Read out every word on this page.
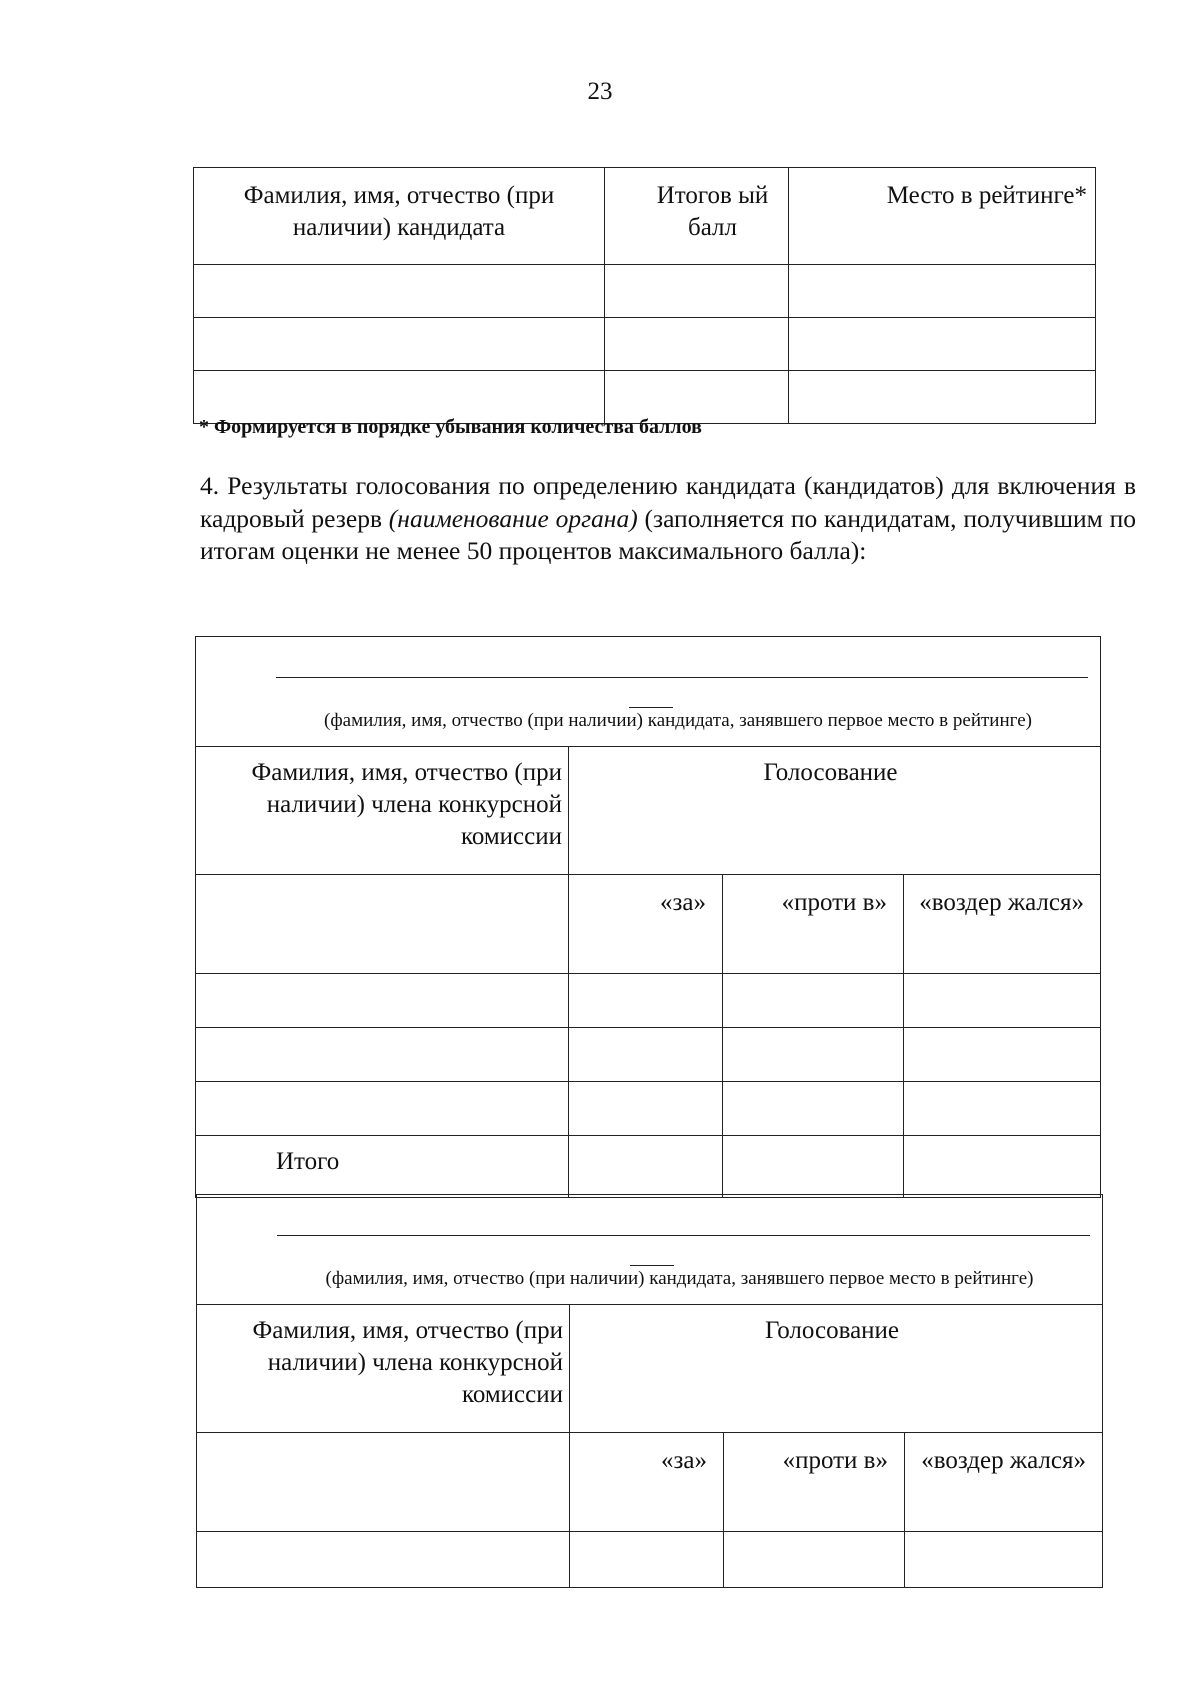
23
Фамилия, имя, отчество (при наличии) кандидата	Итогов ый балл	Место в рейтинге*

* Формируется в порядке убывания количества баллов

4. Результаты голосования по определению кандидата (кандидатов) для включения в кадровый резерв (наименование органа) (заполняется по кандидатам, получившим по итогам оценки не менее 50 процентов максимального балла):

(фамилия, имя, отчество (при наличии) кандидата, занявшего первое место в рейтинге)			

Фамилия, имя, отчество (при наличии) члена конкурсной комиссии	Голосование		
	«за»	«проти в»	«воздер жался»

Итого			
(фамилия, имя, отчество (при наличии) кандидата, занявшего первое место в рейтинге)			

Фамилия, имя, отчество (при наличии) члена конкурсной комиссии	Голосование		
	«за»	«проти в»	«воздер жался»
